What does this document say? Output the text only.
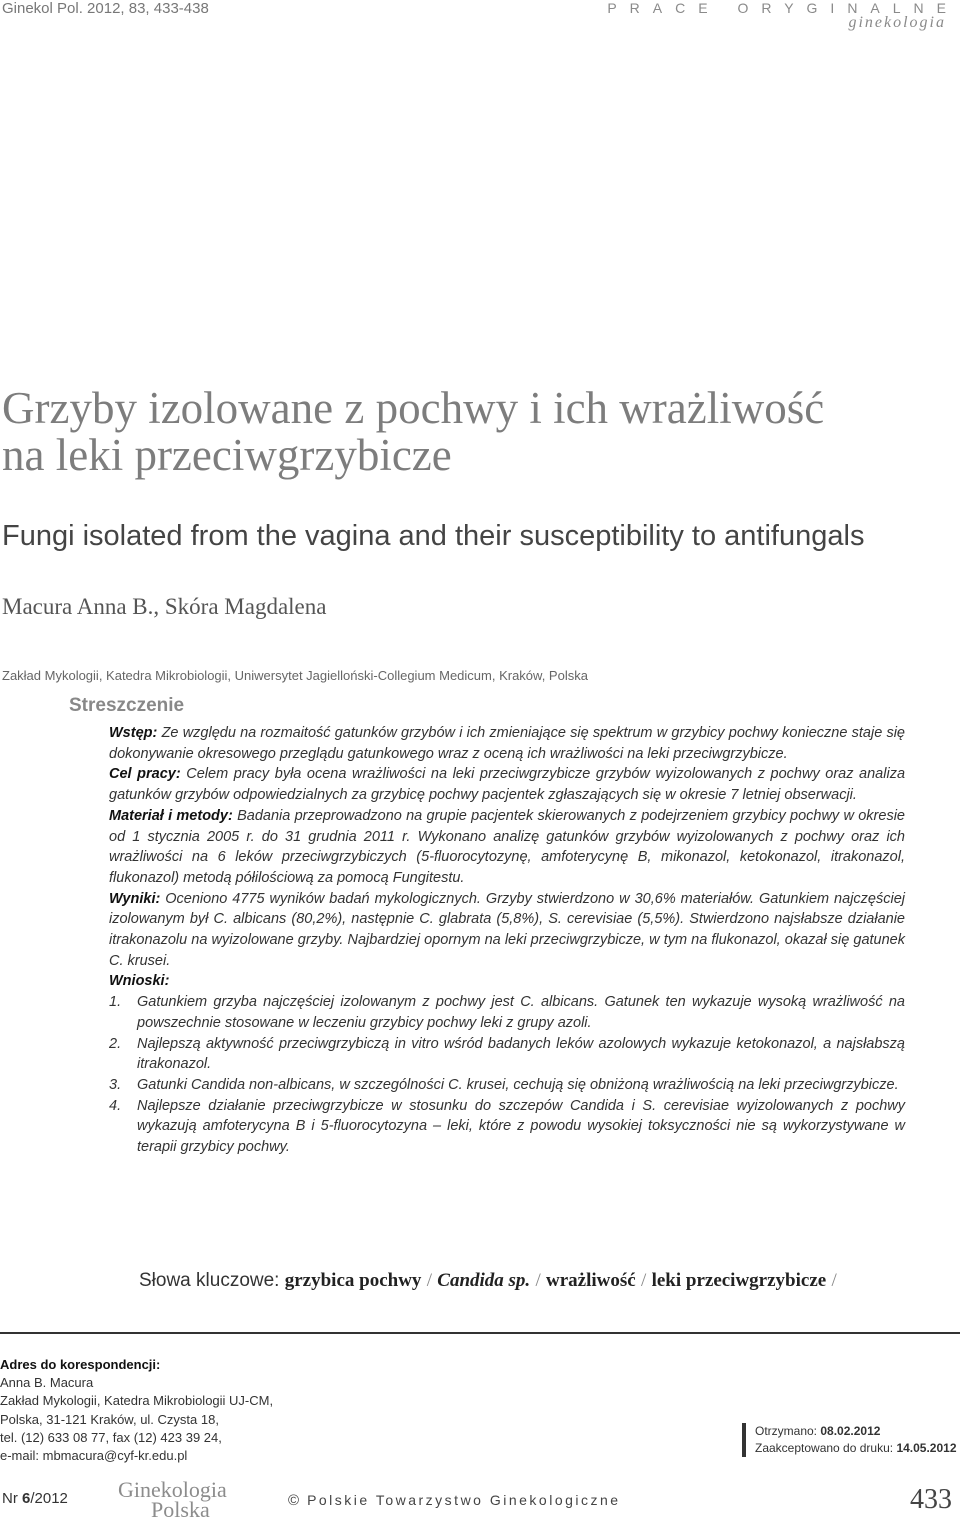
Ginekol Pol. 2012, 83, 433-438	PRACE ORYGINALNE
ginekologia
Grzyby izolowane z pochwy i ich wrażliwość
na leki przeciwgrzybicze
Fungi isolated from the vagina and their susceptibility to antifungals
Macura Anna B., Skóra Magdalena
Zakład Mykologii, Katedra Mikrobiologii, Uniwersytet Jagielloński-Collegium Medicum, Kraków, Polska
Streszczenie

Wstęp: Ze względu na rozmaitość gatunków grzybów i ich zmieniające się spektrum w grzybicy pochwy konieczne staje się dokonywanie okresowego przeglądu gatunkowego wraz z oceną ich wrażliwości na leki przeciwgrzybicze.

Cel pracy: Celem pracy była ocena wrażliwości na leki przeciwgrzybicze grzybów wyizolowanych z pochwy oraz analiza gatunków grzybów odpowiedzialnych za grzybicę pochwy pacjentek zgłaszających się w okresie 7 letniej obserwacji.

Materiał i metody: Badania przeprowadzono na grupie pacjentek skierowanych z podejrzeniem grzybicy pochwy w okresie od 1 stycznia 2005 r. do 31 grudnia 2011 r. Wykonano analizę gatunków grzybów wyizolowanych z pochwy oraz ich wrażliwości na 6 leków przeciwgrzybiczych (5-fluorocytozynę, amfoterycynę B, mikonazol, ketokonazol, itrakonazol, flukonazol) metodą półilościową za pomocą Fungitestu.

Wyniki: Oceniono 4775 wyników badań mykologicznych. Grzyby stwierdzono w 30,6% materiałów. Gatunkiem najczęściej izolowanym był C. albicans (80,2%), następnie C. glabrata (5,8%), S. cerevisiae (5,5%). Stwierdzono najsłabsze działanie itrakonazolu na wyizolowane grzyby. Najbardziej opornym na leki przeciwgrzybicze, w tym na flukonazol, okazał się gatunek C. krusei.

Wnioski:

1. Gatunkiem grzyba najczęściej izolowanym z pochwy jest C. albicans. Gatunek ten wykazuje wysoką wrażliwość na powszechnie stosowane w leczeniu grzybicy pochwy leki z grupy azoli.
2. Najlepszą aktywność przeciwgrzybiczą in vitro wśród badanych leków azolowych wykazuje ketokonazol, a najsłabszą itrakonazol.
3. Gatunki Candida non-albicans, w szczególności C. krusei, cechują się obniżoną wrażliwością na leki przeciwgrzybicze.
4. Najlepsze działanie przeciwgrzybicze w stosunku do szczepów Candida i S. cerevisiae wyizolowanych z pochwy wykazują amfoterycyna B i 5-fluorocytozyna – leki, które z powodu wysokiej toksyczności nie są wykorzystywane w terapii grzybicy pochwy.
Słowa kluczowe: grzybica pochwy / Candida sp. / wrażliwość / leki przeciwgrzybicze /
Adres do korespondencji:
Anna B. Macura
Zakład Mykologii, Katedra Mikrobiologii UJ-CM,
Polska, 31-121 Kraków, ul. Czysta 18,
tel. (12) 633 08 77, fax (12) 423 39 24,
e-mail: mbmacura@cyf-kr.edu.pl
Otrzymano: 08.02.2012
Zaakceptowano do druku: 14.05.2012
Nr 6/2012 Ginekologia
Polska	© Polskie Towarzystwo Ginekologiczne	433
